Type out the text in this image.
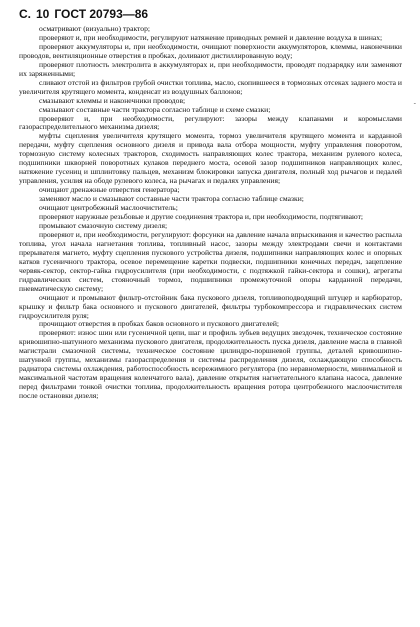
С. 10 ГОСТ 20793—86

осматривают (визуально) трактор;

проверяют и, при необходимости, регулируют натяжение приводных ремней и давление воздуха в шинах;

проверяют аккумуляторы и, при необходимости, очищают поверхности аккумуляторов, клеммы, наконечники проводов, вентиляционные отверстия в пробках, доливают дистиллированную воду;

проверяют плотность электролита в аккумуляторах и, при необходимости, проводят подзарядку или заменяют их заряженными;

сливают отстой из фильтров грубой очистки топлива, масло, скопившееся в тормозных отсеках заднего моста и увеличителя крутящего момента, конденсат из воздушных баллонов;

смазывают клеммы и наконечники проводов;

смазывают составные части трактора согласно таблице и схеме смазки;

проверяют и, при необходимости, регулируют: зазоры между клапанами и коромыслами газораспределительного механизма дизеля;

муфты сцепления увеличителя крутящего момента, тормоз увеличителя крутящего момента и карданной передачи, муфту сцепления основного дизеля и привода вала отбора мощности, муфту управления поворотом, тормозную систему колесных тракторов, сходимость направляющих колес трактора, механизм рулевого колеса, подшипники шкворней поворотных кулаков переднего моста, осевой зазор подшипников направляющих колес, натяжение гусениц и шплинтовку пальцев, механизм блокировки запуска двигателя, полный ход рычагов и педалей управления, усилия на ободе рулевого колеса, на рычагах и педалях управления;

очищают дренажные отверстия генератора;

заменяют масло и смазывают составные части трактора согласно таблице смазки;

очищают центробежный маслоочиститель;

проверяют наружные резьбовые и другие соединения трактора и, при необходимости, подтягивают;

промывают смазочную систему дизеля;

проверяют и, при необходимости, регулируют: форсунки на давление начала впрыскивания и качество распыла топлива, угол начала нагнетания топлива, топливный насос, зазоры между электродами свечи и контактами прерывателя магнето, муфту сцепления пускового устройства дизеля, подшипники направляющих колес и опорных катков гусеничного трактора, осевое перемещение каретки подвески, подшипники конечных передач, зацепление червяк-сектор, сектор-гайка гидроусилителя (при необходимости, с подтяжкой гайки-сектора и сошки), агрегаты гидравлических систем, стояночный тормоз, подшипники промежуточной опоры карданной передачи, пневматическую систему;

очищают и промывают фильтр-отстойник бака пускового дизеля, топливоподводящий штуцер и карбюратор, крышку и фильтр бака основного и пускового двигателей, фильтры турбокомпрессора и гидравлических систем гидроусилителя руля;

прочищают отверстия в пробках баков основного и пускового двигателей;

проверяют: износ шин или гусеничной цепи, шаг и профиль зубьев ведущих звездочек, техническое состояние кривошипно-шатунного механизма пускового двигателя, продолжительность пуска дизеля, давление масла в главной магистрали смазочной системы, техническое состояние цилиндро-поршневой группы, деталей кривошипно-шатунной группы, механизмы газораспределения и системы распределения дизеля, охлаждающую способность радиатора системы охлаждения, работоспособность всережимного регулятора (по неравномерности, минимальной и максимальной частотам вращения коленчатого вала), давление открытия нагнетательного клапана насоса, давление перед фильтрами тонкой очистки топлива, продолжительность вращения ротора центробежного маслоочистителя после остановки дизеля;

-
